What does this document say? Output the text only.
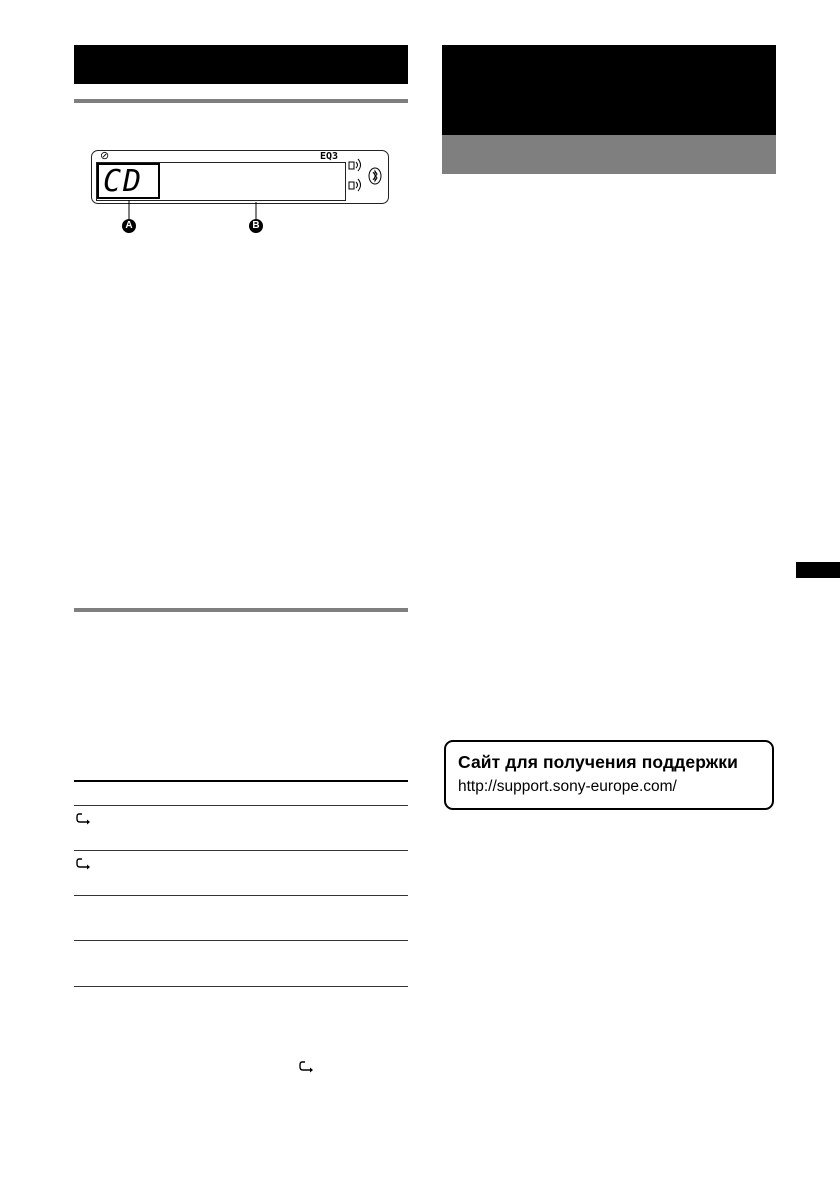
⊘	EQ3
CD
A	B
Сайт для получения поддержки
http://support.sony-europe.com/
